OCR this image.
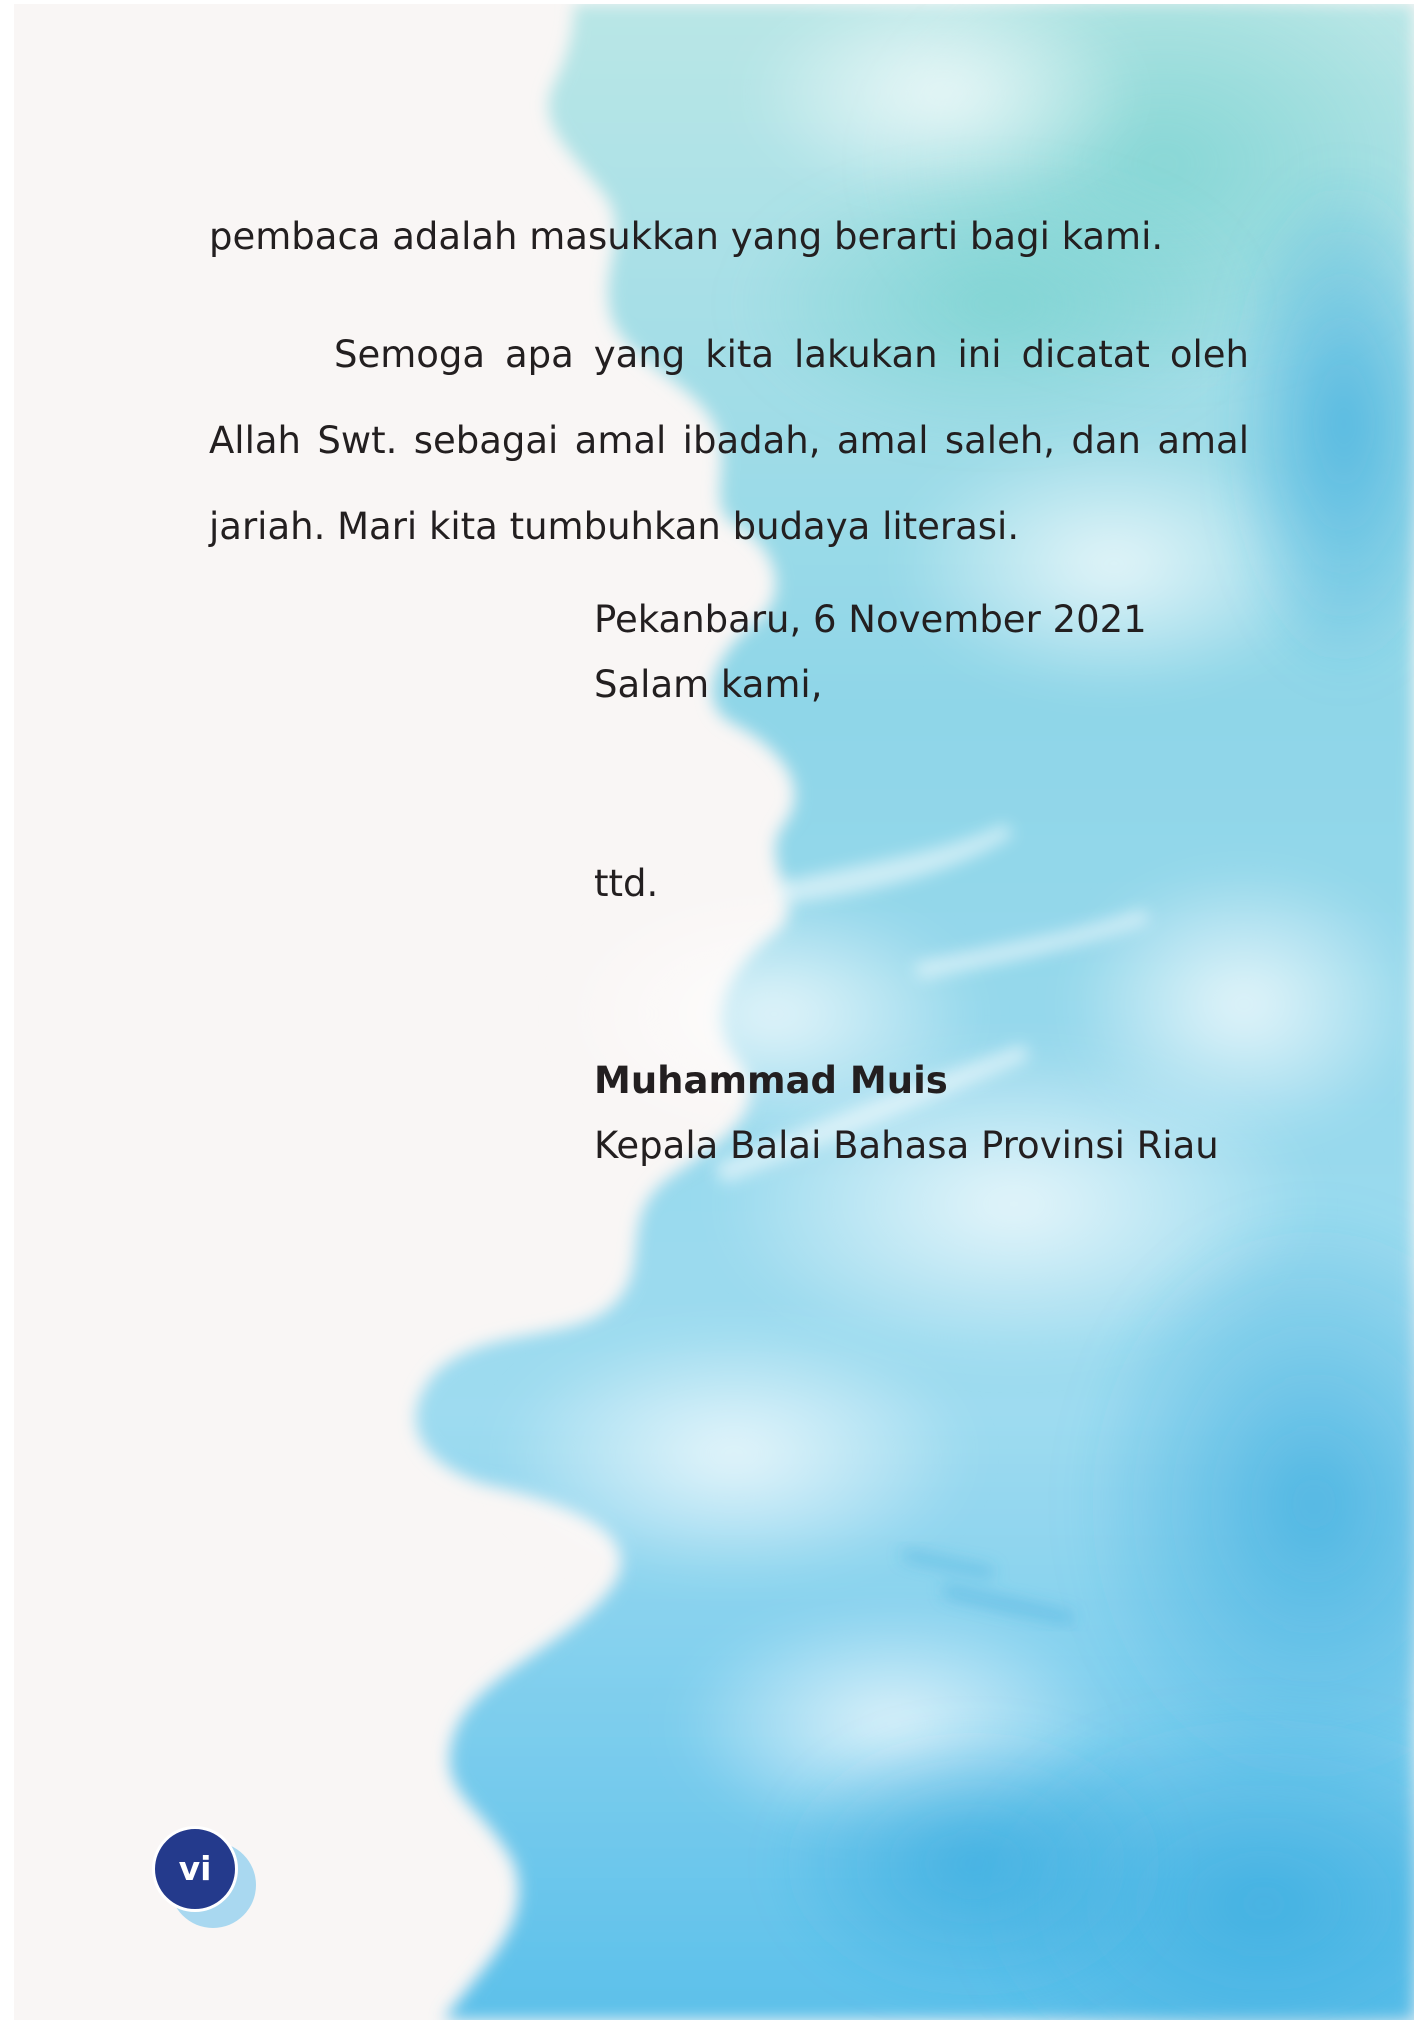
pembaca adalah masukkan yang berarti bagi kami.
Semoga apa yang kita lakukan ini dicatat oleh Allah Swt. sebagai amal ibadah, amal saleh, dan amal jariah. Mari kita tumbuhkan budaya literasi.
Pekanbaru, 6 November 2021
Salam kami,
ttd.
Muhammad Muis
Kepala Balai Bahasa Provinsi Riau
vi
